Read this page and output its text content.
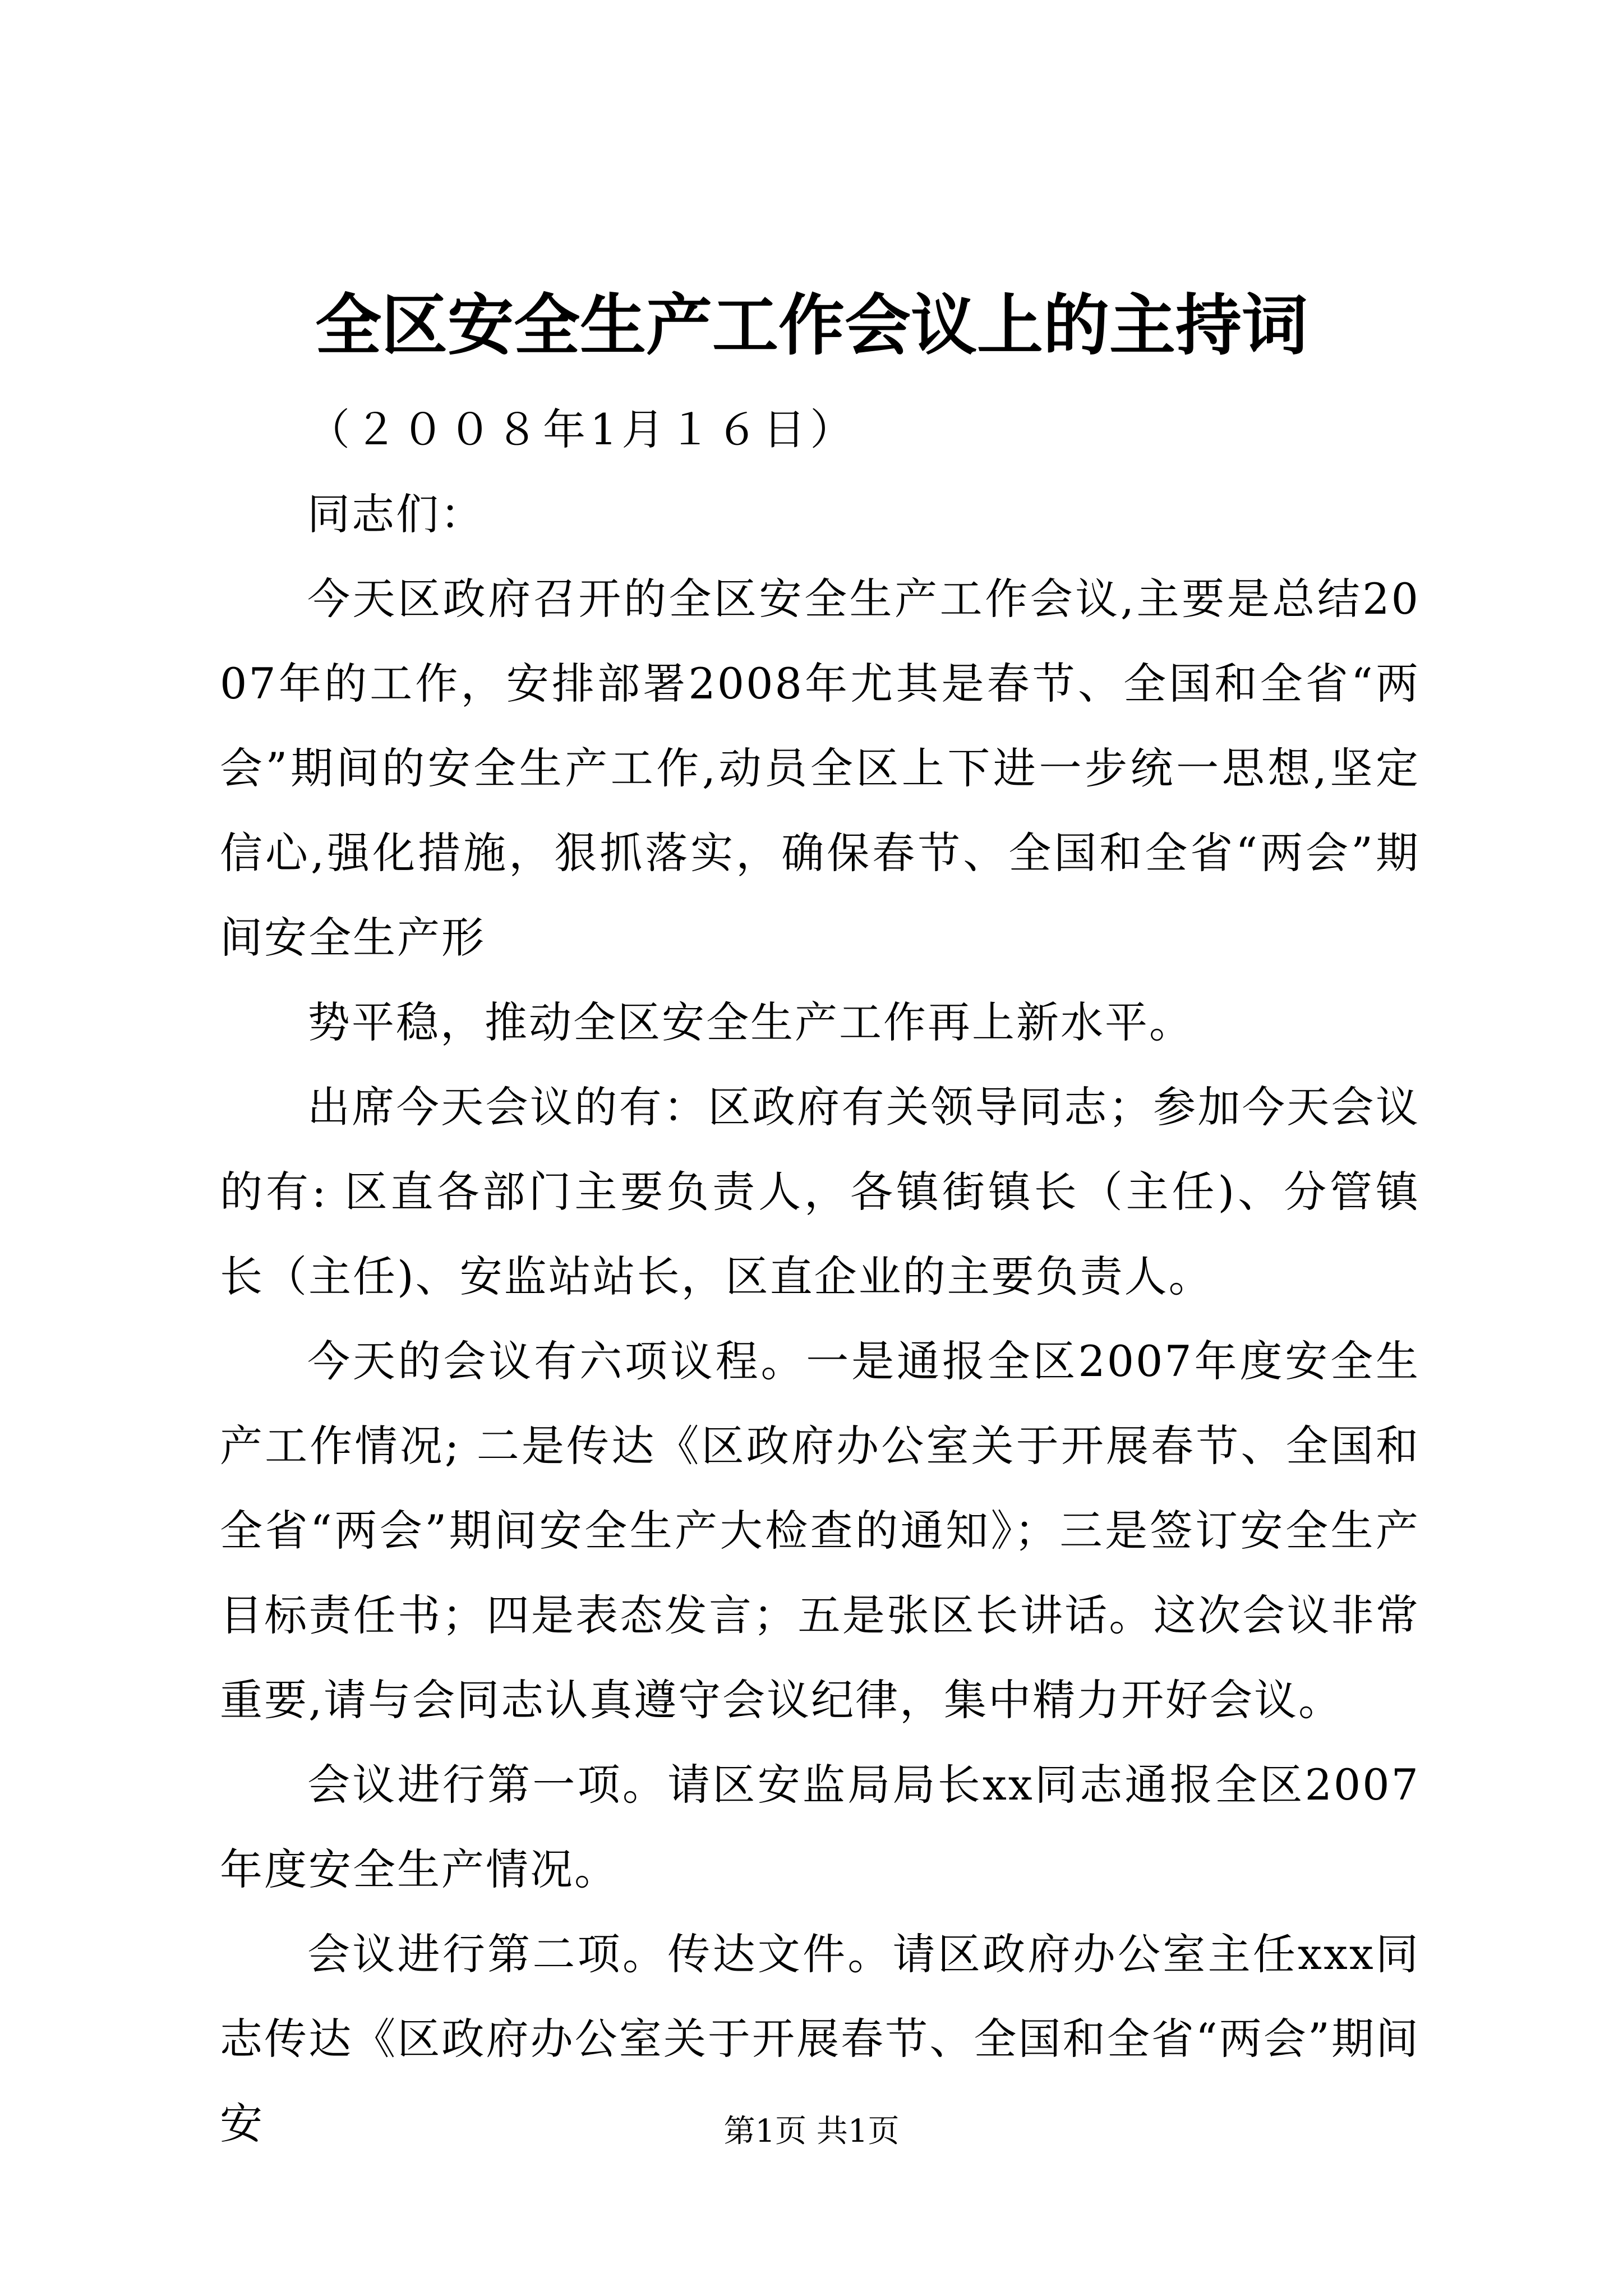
全区安全生产工作会议上的主持词

（２００８年1月１６日）

同志们：

今天区政府召开的全区安全生产工作会议,主要是总结2007年的工作，安排部署2008年尤其是春节、全国和全省“两会”期间的安全生产工作,动员全区上下进一步统一思想,坚定信心,强化措施，狠抓落实，确保春节、全国和全省“两会”期间安全生产形

势平稳，推动全区安全生产工作再上新水平。

出席今天会议的有：区政府有关领导同志；参加今天会议的有: 区直各部门主要负责人，各镇街镇长（主任)、分管镇长（主任)、安监站站长，区直企业的主要负责人。

今天的会议有六项议程。一是通报全区2007年度安全生产工作情况; 二是传达《区政府办公室关于开展春节、全国和全省“两会”期间安全生产大检查的通知》；三是签订安全生产目标责任书；四是表态发言；五是张区长讲话。这次会议非常重要,请与会同志认真遵守会议纪律，集中精力开好会议。

会议进行第一项。请区安监局局长xx同志通报全区2007年度安全生产情况。

会议进行第二项。传达文件。请区政府办公室主任xxx同志传达《区政府办公室关于开展春节、全国和全省“两会”期间安	第1页 共1页
